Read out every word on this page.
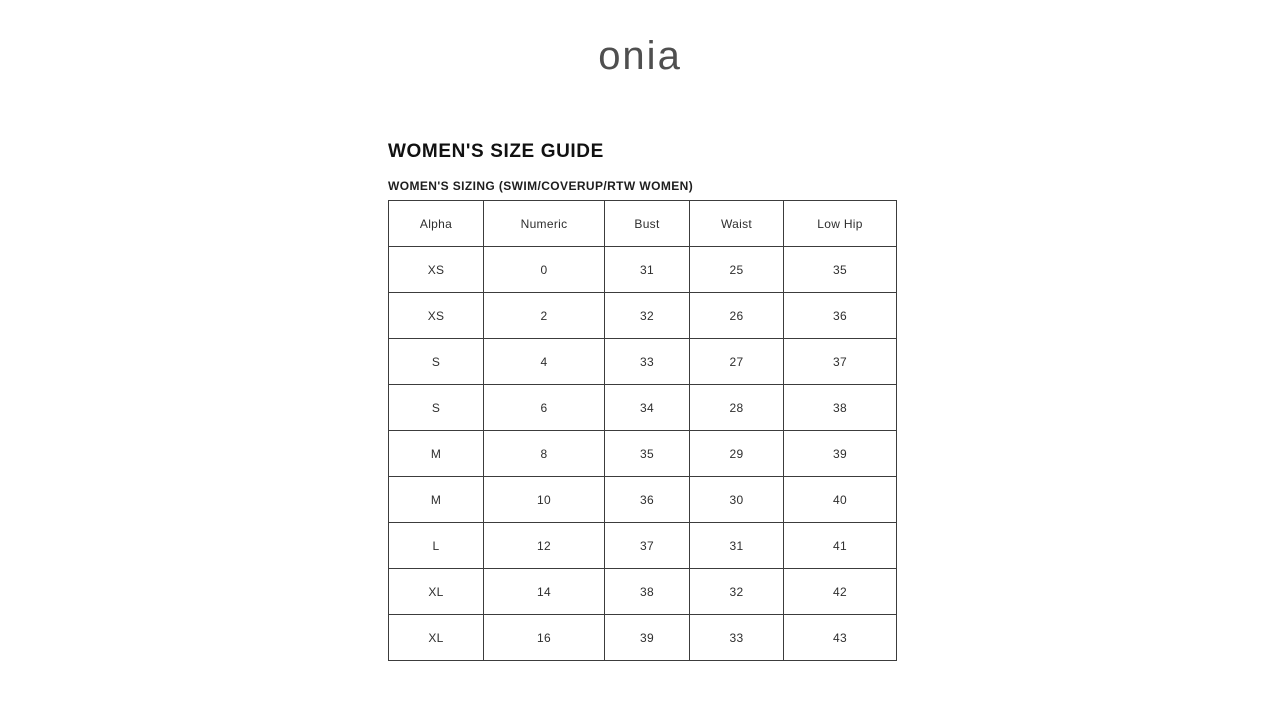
onia
WOMEN'S SIZE GUIDE
WOMEN'S SIZING (SWIM/COVERUP/RTW WOMEN)
Alpha	Numeric	Bust	Waist	Low Hip
XS	0	31	25	35
XS	2	32	26	36
S	4	33	27	37
S	6	34	28	38
M	8	35	29	39
M	10	36	30	40
L	12	37	31	41
XL	14	38	32	42
XL	16	39	33	43
